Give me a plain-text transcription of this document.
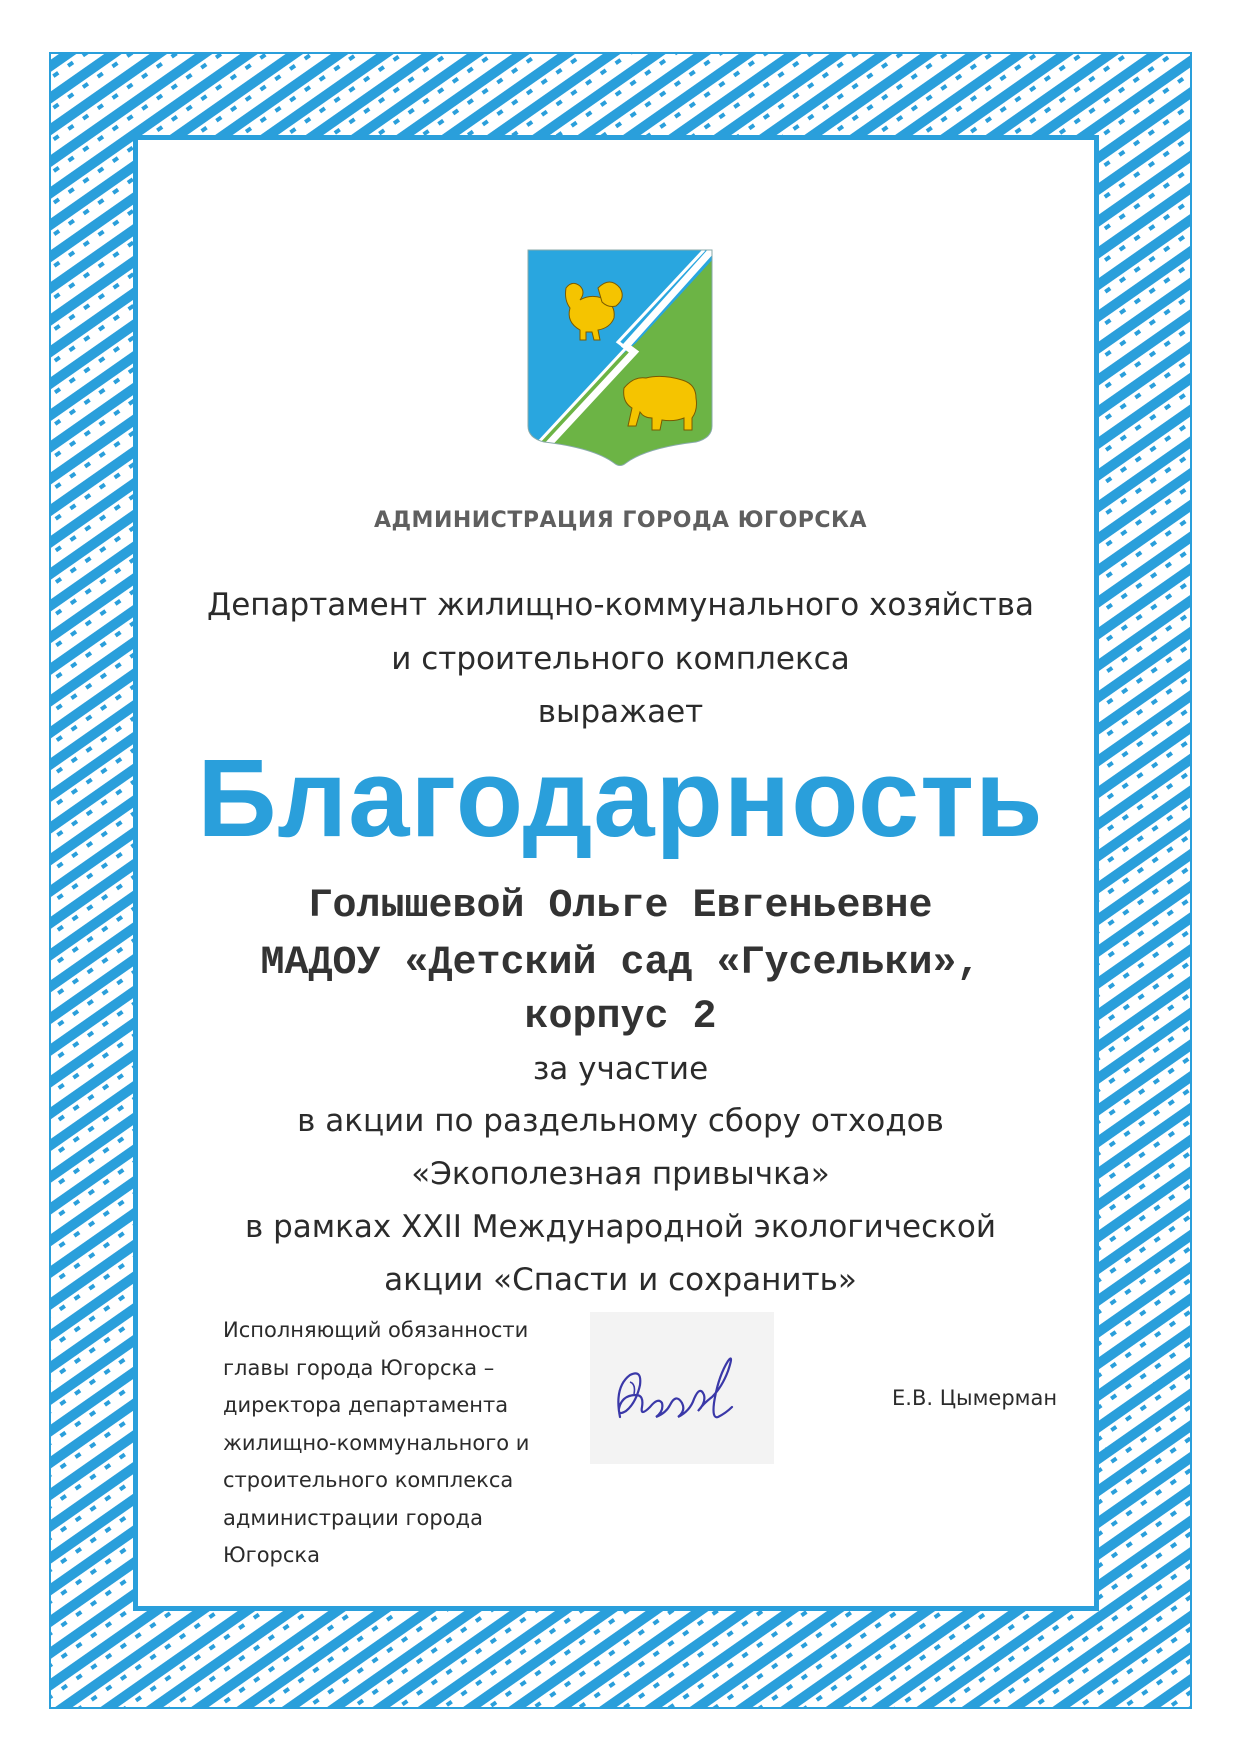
АДМИНИСТРАЦИЯ ГОРОДА ЮГОРСКА
Департамент жилищно-коммунального хозяйства
и строительного комплекса
выражает
Благодарность
Голышевой Ольге Евгеньевне
МАДОУ «Детский сад «Гусельки»,
корпус 2
за участие
в акции по раздельному сбору отходов
«Экополезная привычка»
в рамках XXII Международной экологической
акции «Спасти и сохранить»
Исполняющий обязанности
главы города Югорска –
директора департамента
жилищно-коммунального и
строительного комплекса
администрации города
Югорска
Е.В. Цымерман
